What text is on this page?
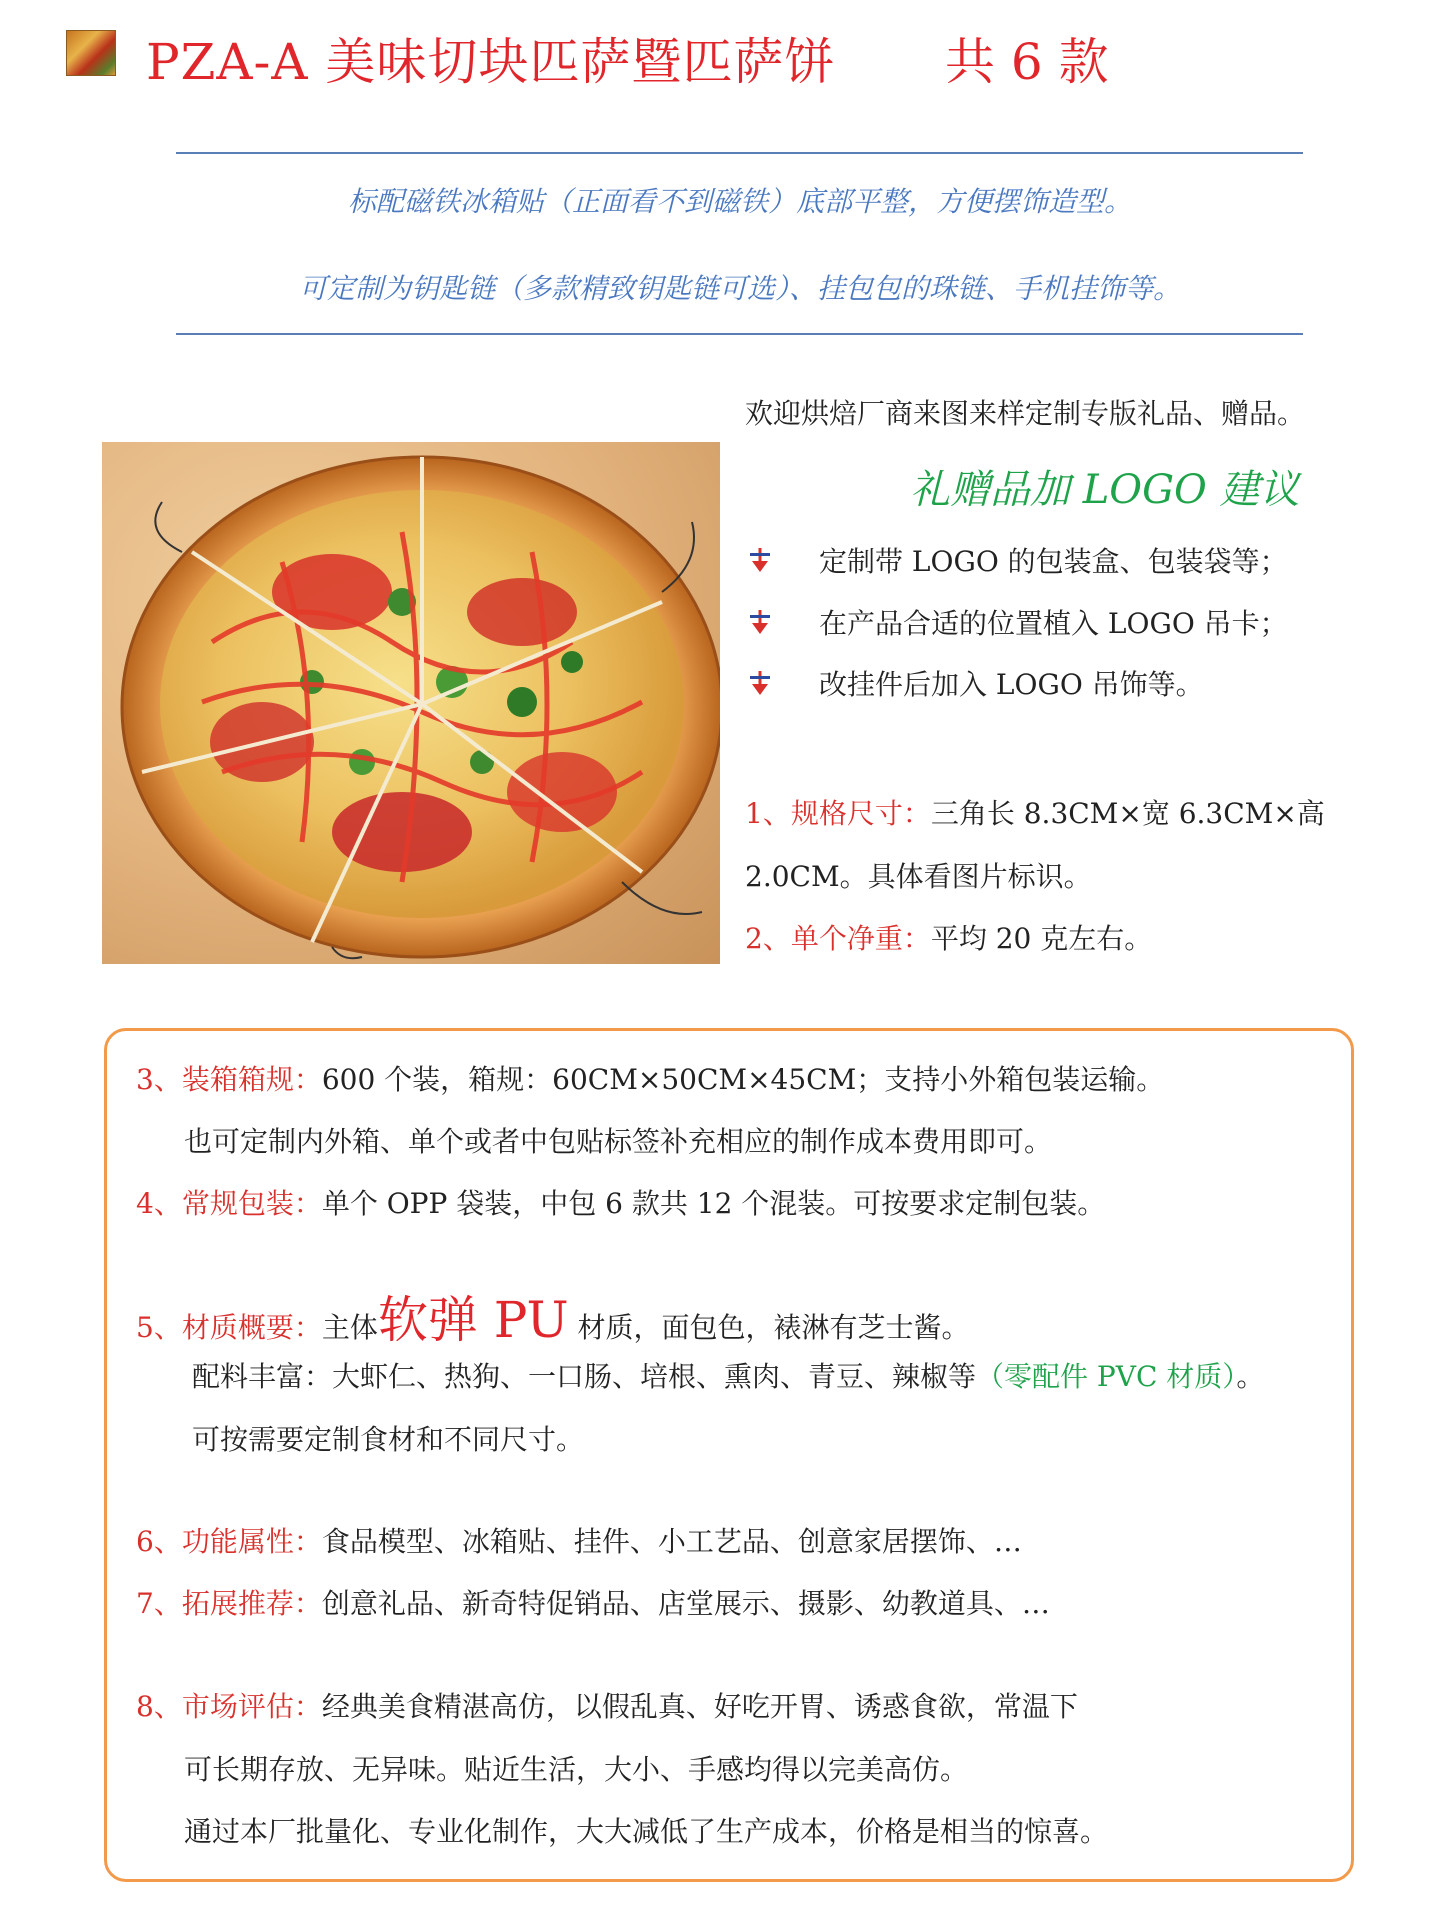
PZA-A 美味切块匹萨暨匹萨饼 共 6 款
标配磁铁冰箱贴（正面看不到磁铁）底部平整，方便摆饰造型。
可定制为钥匙链（多款精致钥匙链可选）、挂包包的珠链、手机挂饰等。
欢迎烘焙厂商来图来样定制专版礼品、赠品。
礼赠品加 LOGO 建议
定制带 LOGO 的包装盒、包装袋等；
在产品合适的位置植入 LOGO 吊卡；
改挂件后加入 LOGO 吊饰等。
1、规格尺寸：三角长 8.3CM×宽 6.3CM×高
2.0CM。具体看图片标识。
2、单个净重：平均 20 克左右。
3、装箱箱规：600 个装，箱规：60CM×50CM×45CM；支持小外箱包装运输。
也可定制内外箱、单个或者中包贴标签补充相应的制作成本费用即可。
4、常规包装：单个 OPP 袋装，中包 6 款共 12 个混装。可按要求定制包装。
5、材质概要：主体软弹 PU 材质，面包色，裱淋有芝士酱。
配料丰富：大虾仁、热狗、一口肠、培根、熏肉、青豆、辣椒等（零配件 PVC 材质）。
可按需要定制食材和不同尺寸。
6、功能属性：食品模型、冰箱贴、挂件、小工艺品、创意家居摆饰、…
7、拓展推荐：创意礼品、新奇特促销品、店堂展示、摄影、幼教道具、…
8、市场评估：经典美食精湛高仿，以假乱真、好吃开胃、诱惑食欲，常温下
可长期存放、无异味。贴近生活，大小、手感均得以完美高仿。
通过本厂批量化、专业化制作，大大减低了生产成本，价格是相当的惊喜。
